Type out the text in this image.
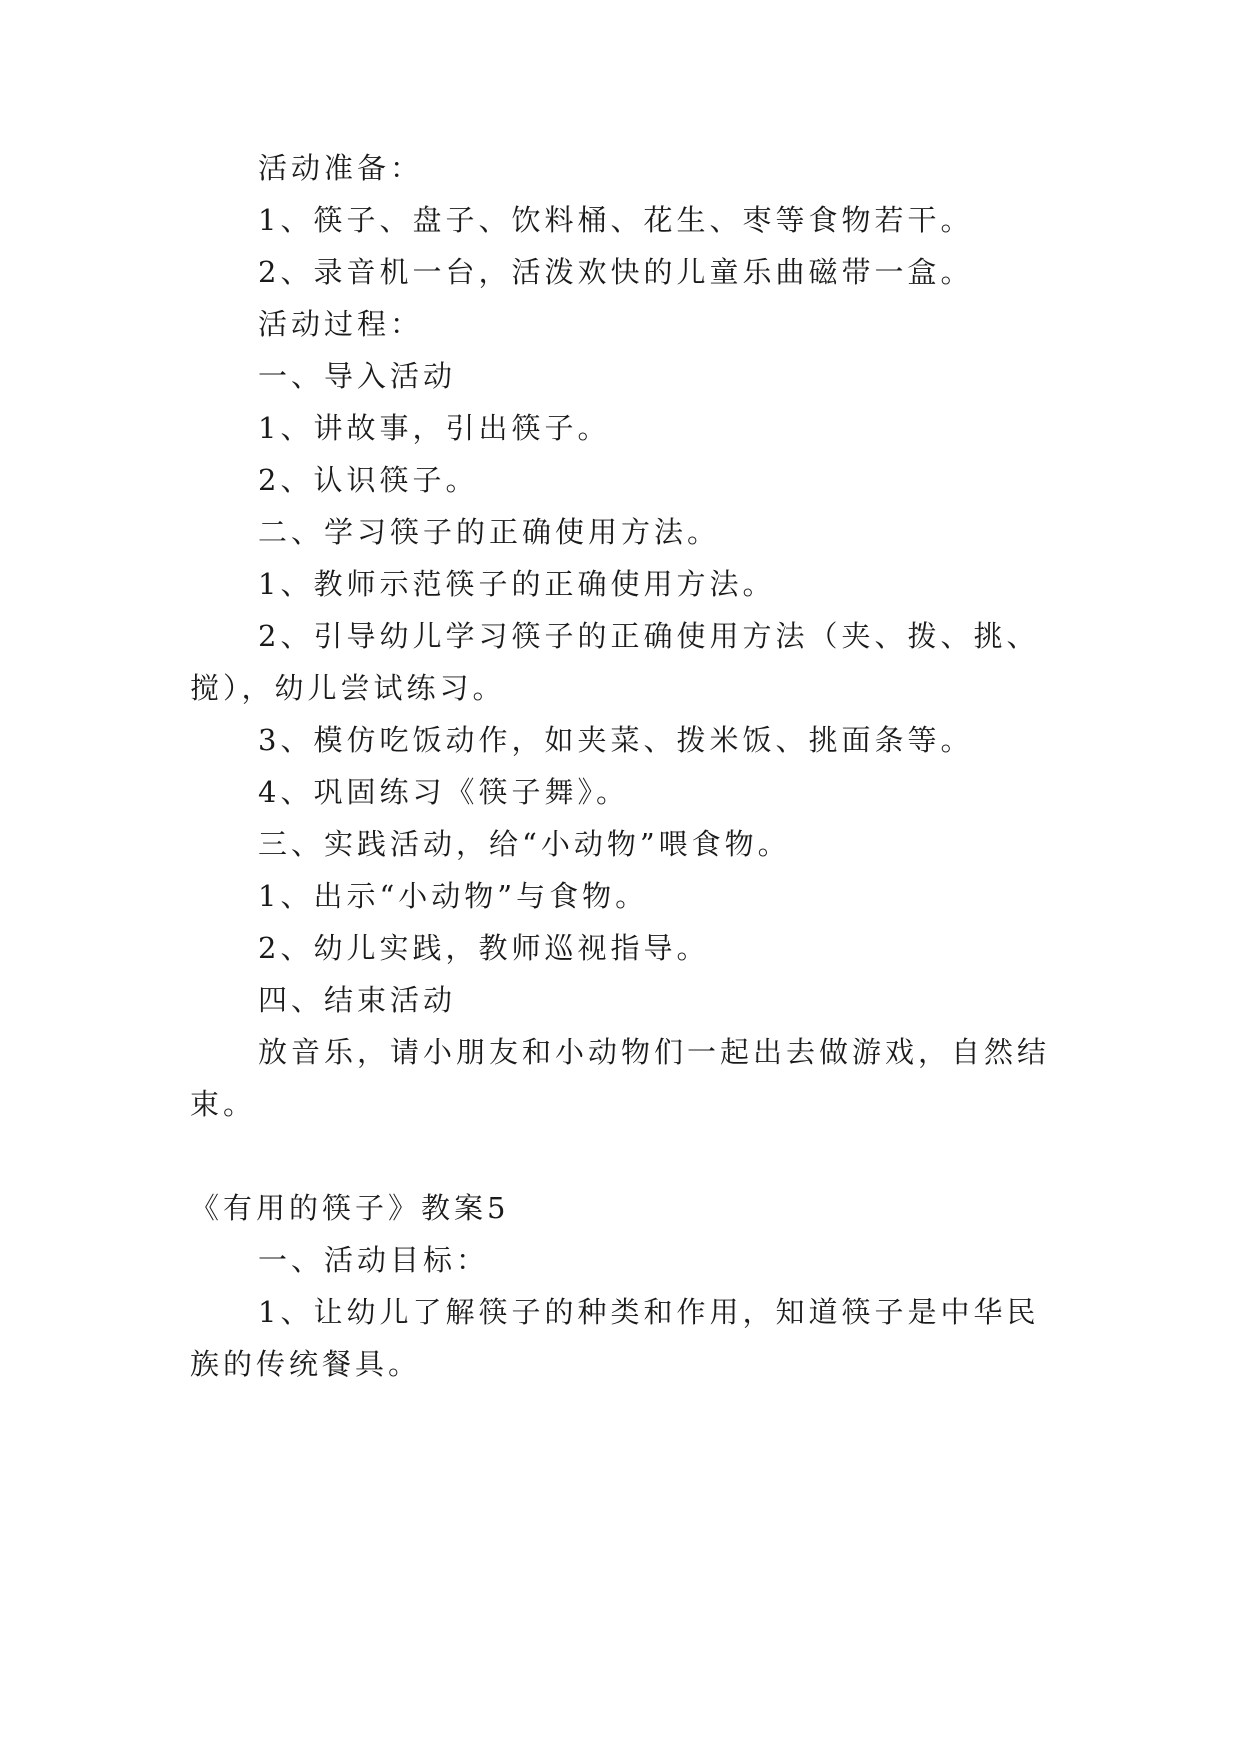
活动准备：
1、筷子、盘子、饮料桶、花生、枣等食物若干。
2、录音机一台，活泼欢快的儿童乐曲磁带一盒。
活动过程：
一、导入活动
1、讲故事，引出筷子。
2、认识筷子。
二、学习筷子的正确使用方法。
1、教师示范筷子的正确使用方法。
2、引导幼儿学习筷子的正确使用方法（夹、拨、挑、
搅），幼儿尝试练习。
3、模仿吃饭动作，如夹菜、拨米饭、挑面条等。
4、巩固练习《筷子舞》。
三、实践活动，给“小动物”喂食物。
1、出示“小动物”与食物。
2、幼儿实践，教师巡视指导。
四、结束活动
放音乐，请小朋友和小动物们一起出去做游戏，自然结
束。
《有用的筷子》教案5
一、活动目标：
1、让幼儿了解筷子的种类和作用，知道筷子是中华民
族的传统餐具。
